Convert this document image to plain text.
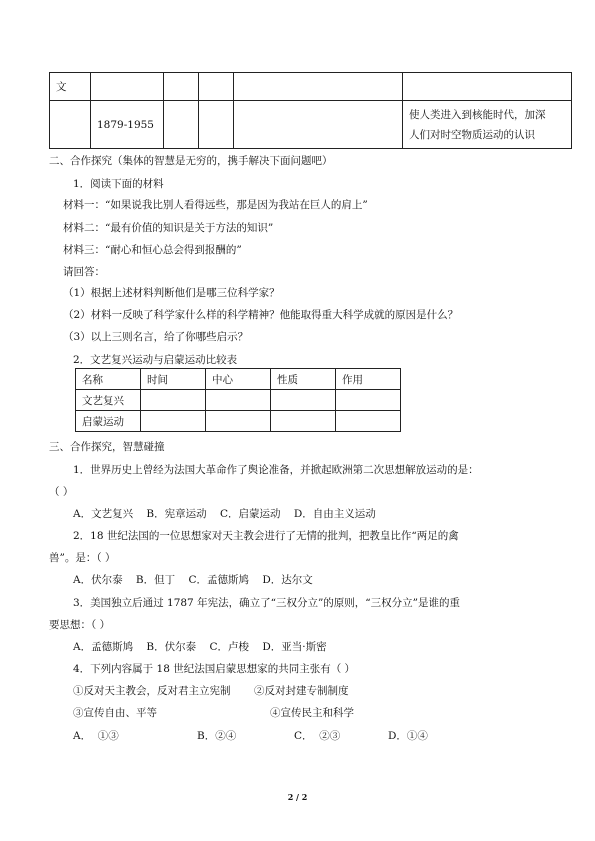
文					
	1879-1955				使人类进入到核能时代，加深
人们对时空物质运动的认识
二、合作探究（集体的智慧是无穷的，携手解决下面问题吧）
1．阅读下面的材料
材料一：“如果说我比别人看得远些，那是因为我站在巨人的肩上”
材料二：“最有价值的知识是关于方法的知识”
材料三：“耐心和恒心总会得到报酬的”
请回答：
（1）根据上述材料判断他们是哪三位科学家？
（2）材料一反映了科学家什么样的科学精神？他能取得重大科学成就的原因是什么？
（3）以上三则名言，给了你哪些启示？
2．文艺复兴运动与启蒙运动比较表
名称	时间	中心	性质	作用
文艺复兴				
启蒙运动				
三、合作探究，智慧碰撞
1．世界历史上曾经为法国大革命作了舆论准备，并掀起欧洲第二次思想解放运动的是：
（ ）
A．文艺复兴    B．宪章运动    C．启蒙运动    D．自由主义运动
2．18 世纪法国的一位思想家对天主教会进行了无情的批判，把教皇比作“两足的禽
兽”。是：（ ）
A．伏尔泰    B．但丁    C．孟德斯鸠    D．达尔文
3．美国独立后通过 1787 年宪法，确立了“三权分立”的原则，“三权分立”是谁的重
要思想：（ ）
A．孟德斯鸠    B．伏尔泰    C．卢梭    D．亚当·斯密
4．下列内容属于 18 世纪法国启蒙思想家的共同主张有（ ）
①反对天主教会，反对君主立宪制 ②反对封建专制制度
③宣传自由、平等	④宣传民主和科学
A．  ①③	B．②④	C．  ②③	D．①④
2 / 2
